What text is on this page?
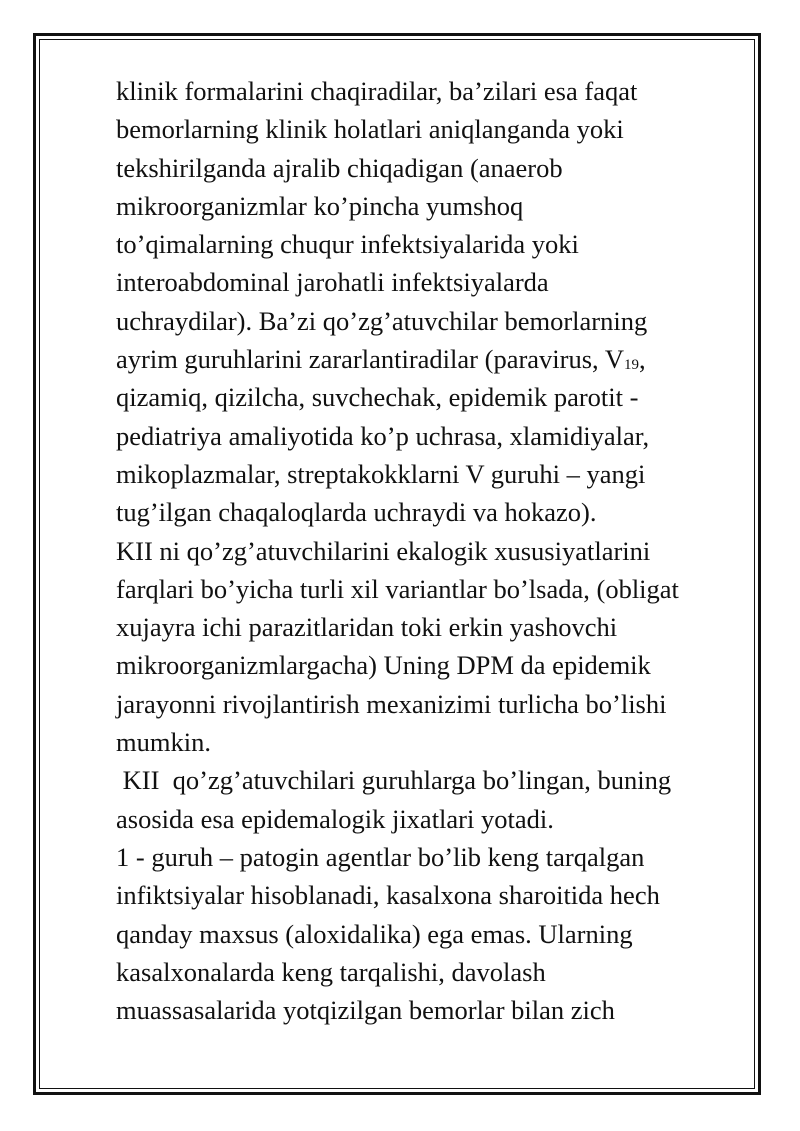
klinik formalarini chaqiradilar, ba’zilari esa faqat
bemorlarning klinik holatlari aniqlanganda yoki
tekshirilganda ajralib chiqadigan (anaerob
mikroorganizmlar ko’pincha yumshoq
to’qimalarning chuqur infektsiyalarida yoki
interoabdominal jarohatli infektsiyalarda
uchraydilar). Ba’zi qo’zg’atuvchilar bemorlarning
ayrim guruhlarini zararlantiradilar (paravirus, $V_{19}$,
qizamiq, qizilcha, suvchechak, epidemik parotit -
pediatriya amaliyotida ko’p uchrasa, xlamidiyalar,
mikoplazmalar, streptakokklarni V guruhi – yangi
tug’ilgan chaqaloqlarda uchraydi va hokazo).
KII ni qo’zg’atuvchilarini ekalogik xususiyatlarini
farqlari bo’yicha turli xil variantlar bo’lsada, (obligat
xujayra ichi parazitlaridan toki erkin yashovchi
mikroorganizmlargacha) Uning DPM da epidemik
jarayonni rivojlantirish mexanizimi turlicha bo’lishi
mumkin.
KII  qo’zg’atuvchilari guruhlarga bo’lingan, buning
asosida esa epidemalogik jixatlari yotadi.
1 - guruh – patogin agentlar bo’lib keng tarqalgan
infiktsiyalar hisoblanadi, kasalxona sharoitida hech
qanday maxsus (aloxidalika) ega emas. Ularning
kasalxonalarda keng tarqalishi, davolash
muassasalarida yotqizilgan bemorlar bilan zich
